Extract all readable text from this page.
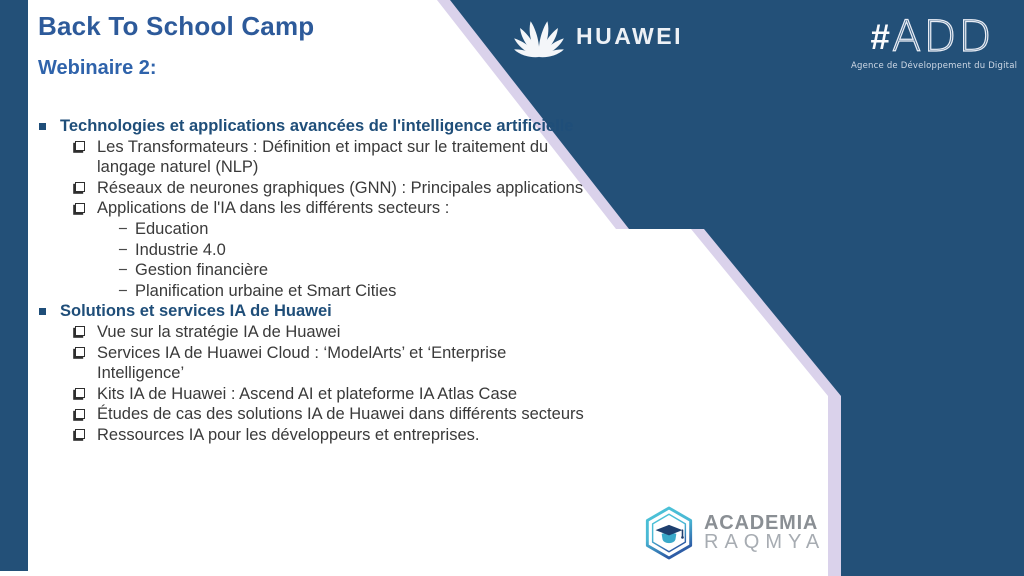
Back To School Camp
Webinaire 2:
HUAWEI	# ADD
Agence de Développement du Digital
Technologies et applications avancées de l'intelligence artificielle
Les Transformateurs : Définition et impact sur le traitement du langage naturel (NLP)
Réseaux de neurones graphiques (GNN) : Principales applications
Applications de l'IA dans les différents secteurs :
− Education
− Industrie 4.0
− Gestion financière
− Planification urbaine et Smart Cities
Solutions et services IA de Huawei
Vue sur la stratégie IA de Huawei
Services IA de Huawei Cloud : ‘ModelArts’ et ‘Enterprise Intelligence’
Kits IA de Huawei : Ascend AI et plateforme IA Atlas Case
Études de cas des solutions IA de Huawei dans différents secteurs
Ressources IA pour les développeurs et entreprises.
ACADEMIA
RAQMYA
